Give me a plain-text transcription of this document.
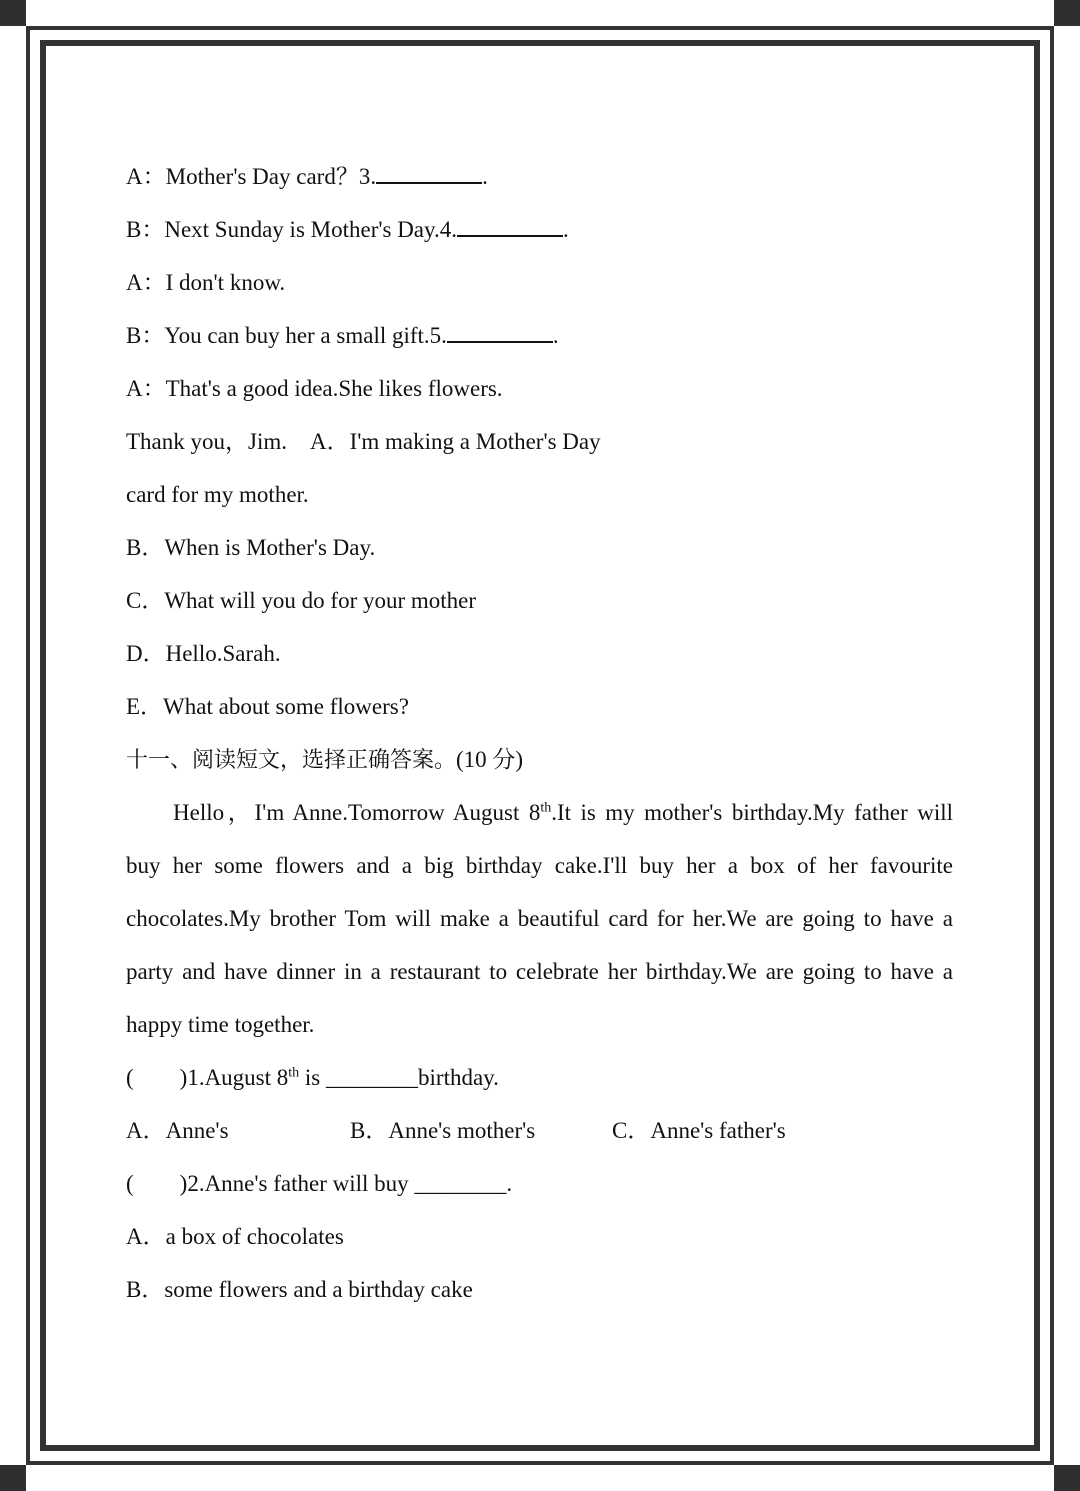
A：Mother's Day card？3.	.
B：Next Sunday is Mother's Day.4.	.
A：I don't know.
B：You can buy her a small gift.5.	.
A：That's a good idea.She likes flowers.
Thank you，Jim.　A．I'm making a Mother's Day
card for my mother.
B．When is Mother's Day.
C．What will you do for your mother
D．Hello.Sarah.
E．What about some flowers?
十一、阅读短文，选择正确答案。(10 分)
Hello，I'm Anne.Tomorrow August 8th.It is my mother's birthday.My father will
buy her some flowers and a big birthday cake.I'll buy her a box of her favourite
chocolates.My brother Tom will make a beautiful card for her.We are going to have a
party and have dinner in a restaurant to celebrate her birthday.We are going to have a
happy time together.
(　　)1.August 8th is ________birthday.
A．Anne's	B．Anne's mother's	C．Anne's father's
(　　)2.Anne's father will buy ________.
A．a box of chocolates
B．some flowers and a birthday cake
